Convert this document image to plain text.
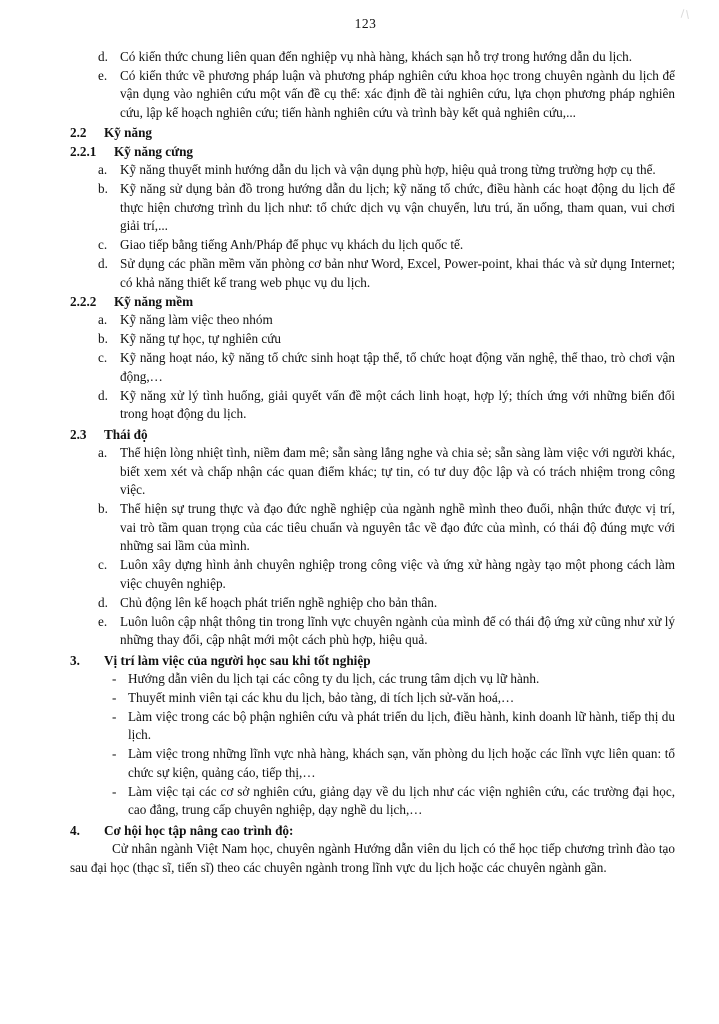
123
d. Có kiến thức chung liên quan đến nghiệp vụ nhà hàng, khách sạn hỗ trợ trong hướng dẫn du lịch.
e. Có kiến thức về phương pháp luận và phương pháp nghiên cứu khoa học trong chuyên ngành du lịch để vận dụng vào nghiên cứu một vấn đề cụ thể: xác định đề tài nghiên cứu, lựa chọn phương pháp nghiên cứu, lập kế hoạch nghiên cứu; tiến hành nghiên cứu và trình bày kết quả nghiên cứu,...
2.2	Kỹ năng
2.2.1	Kỹ năng cứng
a. Kỹ năng thuyết minh hướng dẫn du lịch và vận dụng phù hợp, hiệu quả trong từng trường hợp cụ thể.
b. Kỹ năng sử dụng bản đồ trong hướng dẫn du lịch; kỹ năng tổ chức, điều hành các hoạt động du lịch để thực hiện chương trình du lịch như: tổ chức dịch vụ vận chuyển, lưu trú, ăn uống, tham quan, vui chơi giải trí,...
c. Giao tiếp bằng tiếng Anh/Pháp để phục vụ khách du lịch quốc tế.
d. Sử dụng các phần mềm văn phòng cơ bản như Word, Excel, Power-point, khai thác và sử dụng Internet; có khả năng thiết kế trang web phục vụ du lịch.
2.2.2	Kỹ năng mềm
a. Kỹ năng làm việc theo nhóm
b. Kỹ năng tự học, tự nghiên cứu
c. Kỹ năng hoạt náo, kỹ năng tổ chức sinh hoạt tập thể, tổ chức hoạt động văn nghệ, thể thao, trò chơi vận động,…
d. Kỹ năng xử lý tình huống, giải quyết vấn đề một cách linh hoạt, hợp lý; thích ứng với những biến đổi trong hoạt động du lịch.
2.3	Thái độ
a. Thể hiện lòng nhiệt tình, niềm đam mê; sẵn sàng lắng nghe và chia sẻ; sẵn sàng làm việc với người khác, biết xem xét và chấp nhận các quan điểm khác; tự tin, có tư duy độc lập và có trách nhiệm trong công việc.
b. Thể hiện sự trung thực và đạo đức nghề nghiệp của ngành nghề mình theo đuổi, nhận thức được vị trí, vai trò tầm quan trọng của các tiêu chuẩn và nguyên tắc về đạo đức của mình, có thái độ đúng mực với những sai lầm của mình.
c. Luôn xây dựng hình ảnh chuyên nghiệp trong công việc và ứng xử hàng ngày tạo một phong cách làm việc chuyên nghiệp.
d. Chủ động lên kế hoạch phát triển nghề nghiệp cho bản thân.
e. Luôn luôn cập nhật thông tin trong lĩnh vực chuyên ngành của mình để có thái độ ứng xử cũng như xử lý những thay đổi, cập nhật mới một cách phù hợp, hiệu quả.
3.	Vị trí làm việc của người học sau khi tốt nghiệp
- Hướng dẫn viên du lịch tại các công ty du lịch, các trung tâm dịch vụ lữ hành.
- Thuyết minh viên tại các khu du lịch, bảo tàng, di tích lịch sử-văn hoá,…
- Làm việc trong các bộ phận nghiên cứu và phát triển du lịch, điều hành, kinh doanh lữ hành, tiếp thị du lịch.
- Làm việc trong những lĩnh vực nhà hàng, khách sạn, văn phòng du lịch hoặc các lĩnh vực liên quan: tổ chức sự kiện, quảng cáo, tiếp thị,…
- Làm việc tại các cơ sở nghiên cứu, giảng dạy về du lịch như các viện nghiên cứu, các trường đại học, cao đẳng, trung cấp chuyên nghiệp, dạy nghề du lịch,…
4.	Cơ hội học tập nâng cao trình độ:
Cử nhân ngành Việt Nam học, chuyên ngành Hướng dẫn viên du lịch có thể học tiếp chương trình đào tạo sau đại học (thạc sĩ, tiến sĩ) theo các chuyên ngành trong lĩnh vực du lịch hoặc các chuyên ngành gần.
